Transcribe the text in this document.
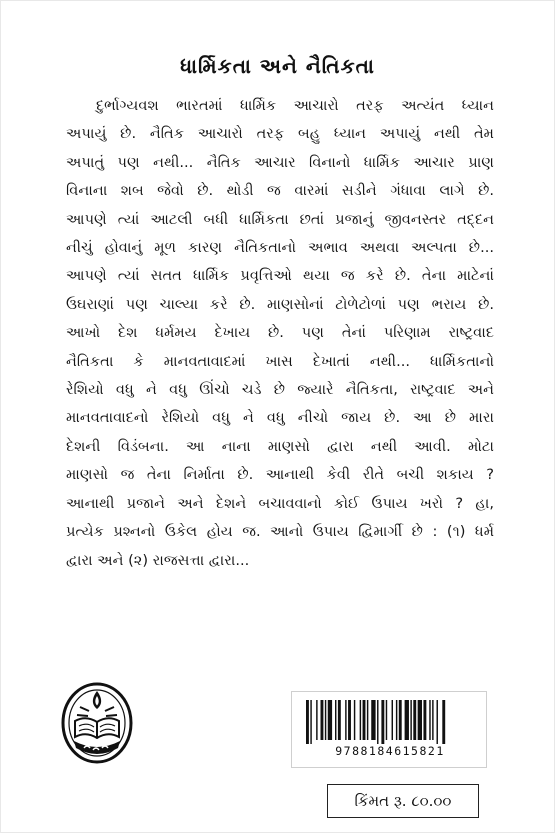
ધાર્મિકતા અને નૈતિકતા
દુર્ભાગ્યવશ ભારતમાં ધાર્મિક આચારો તરફ અત્યંત ધ્યાન
અપાયું છે. નૈતિક આચારો તરફ બહુ ધ્યાન અપાયું નથી તેમ
અપાતું પણ નથી... નૈતિક આચાર વિનાનો ધાર્મિક આચાર પ્રાણ
વિનાના શબ જેવો છે. થોડી જ વારમાં સડીને ગંધાવા લાગે છે.
આપણે ત્યાં આટલી બધી ધાર્મિકતા છતાં પ્રજાનું જીવનસ્તર તદ્દન
નીચું હોવાનું મૂળ કારણ નૈતિકતાનો અભાવ અથવા અલ્પતા છે...
આપણે ત્યાં સતત ધાર્મિક પ્રવૃત્તિઓ થયા જ કરે છે. તેના માટેનાં
ઉઘરાણાં પણ ચાલ્યા કરે છે. માણસોનાં ટોળેટોળાં પણ ભરાય છે.
આખો દેશ ધર્મમય દેખાય છે. પણ તેનાં પરિણામ રાષ્ટ્રવાદ
નૈતિકતા કે માનવતાવાદમાં ખાસ દેખાતાં નથી... ધાર્મિકતાનો
રેશિયો વધુ ને વધુ ઊંચો ચડે છે જ્યારે નૈતિકતા, રાષ્ટ્રવાદ અને
માનવતાવાદનો રેશિયો વધુ ને વધુ નીચો જાય છે. આ છે મારા
દેશની વિડંબના. આ નાના માણસો દ્વારા નથી આવી. મોટા
માણસો જ તેના નિર્માતા છે. આનાથી કેવી રીતે બચી શકાય ?
આનાથી પ્રજાને અને દેશને બચાવવાનો કોઈ ઉપાય ખરો ? હા,
પ્રત્યેક પ્રશ્નનો ઉકેલ હોય જ. આનો ઉપાય દ્વિમાર્ગી છે : (૧) ધર્મ
દ્વારા અને (૨) રાજસત્તા દ્વારા...
9788184615821
કિંમત રૂ. ૮૦.૦૦
